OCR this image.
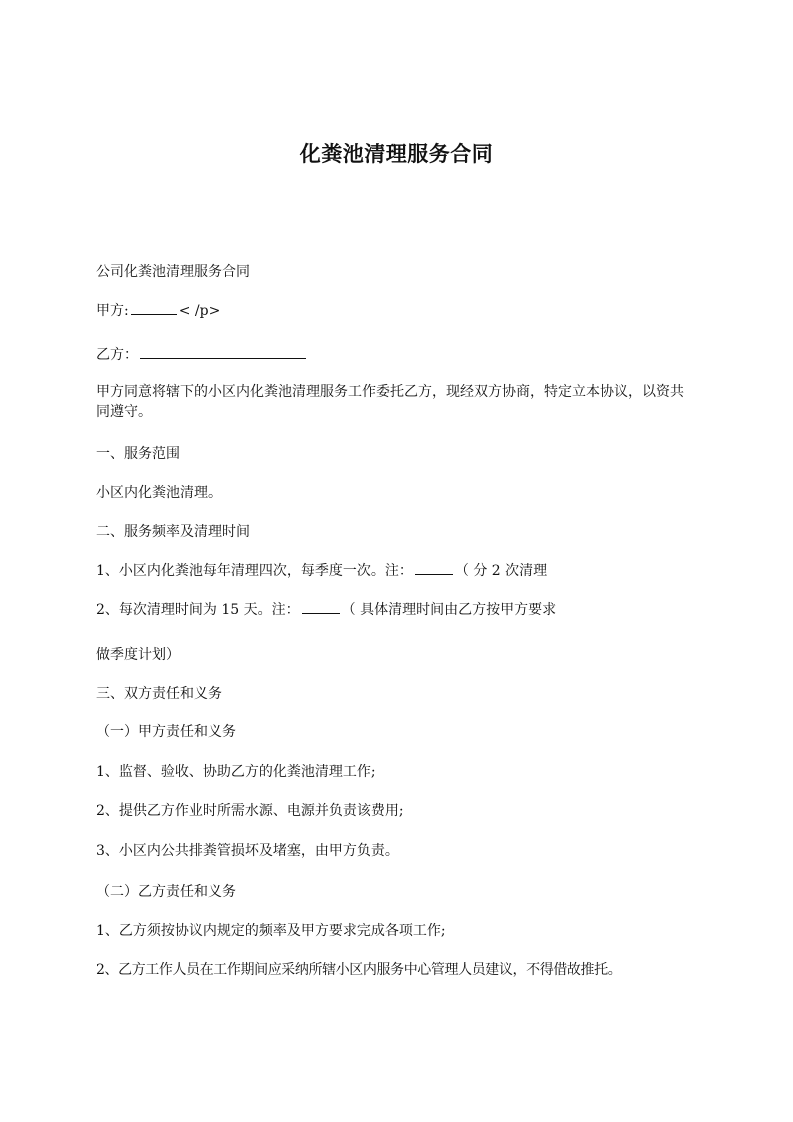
化粪池清理服务合同
公司化粪池清理服务合同
甲方:	< /p>
乙方：
甲方同意将辖下的小区内化粪池清理服务工作委托乙方，现经双方协商，特定立本协议，以资共同遵守。
一、服务范围
小区内化粪池清理。
二、服务频率及清理时间
1、小区内化粪池每年清理四次，每季度一次。注：	（ 分 2 次清理
2、每次清理时间为 15 天。注：	（ 具体清理时间由乙方按甲方要求
做季度计划）
三、双方责任和义务
（一）甲方责任和义务
1、监督、验收、协助乙方的化粪池清理工作;
2、提供乙方作业时所需水源、电源并负责该费用;
3、小区内公共排粪管损坏及堵塞，由甲方负责。
（二）乙方责任和义务
1、乙方须按协议内规定的频率及甲方要求完成各项工作;
2、乙方工作人员在工作期间应采纳所辖小区内服务中心管理人员建议，不得借故推托。
